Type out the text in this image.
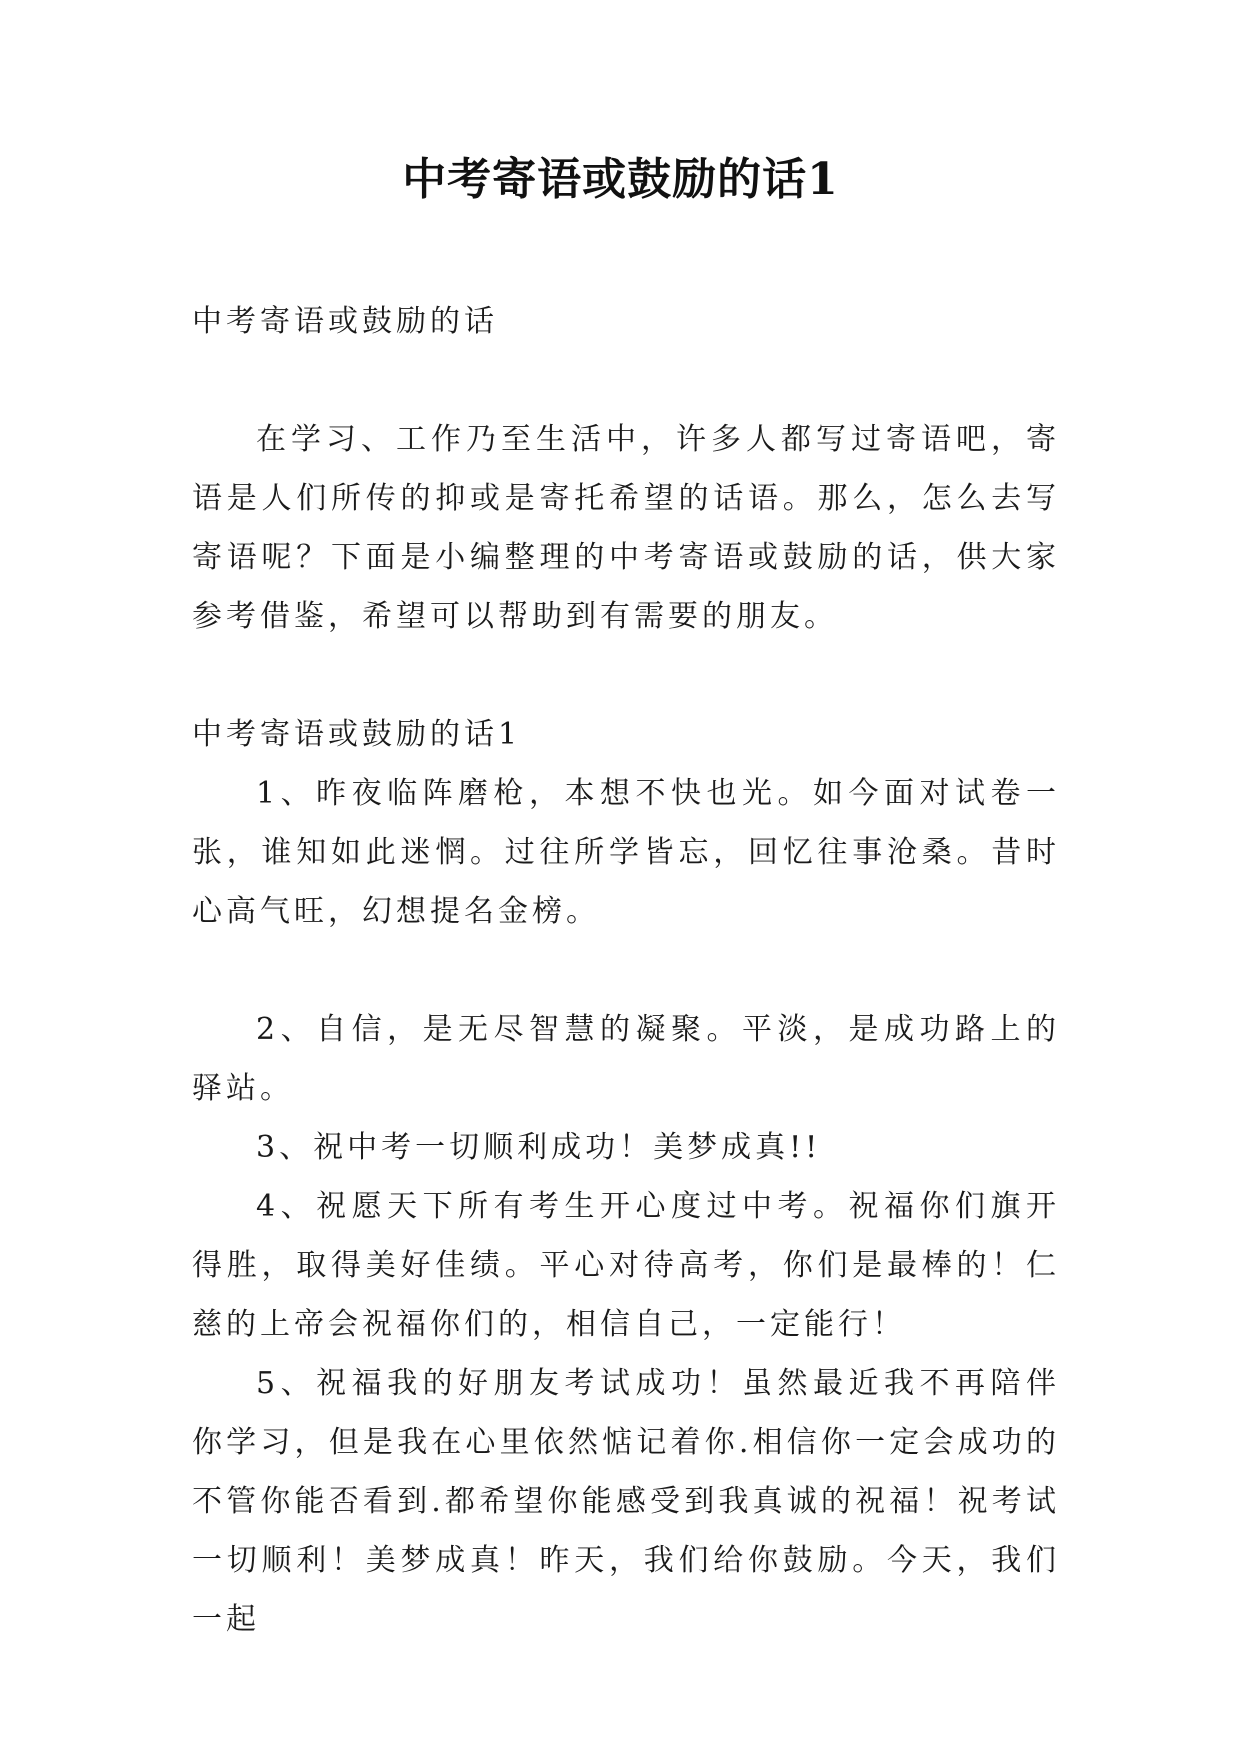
中考寄语或鼓励的话1

中考寄语或鼓励的话

在学习、工作乃至生活中，许多人都写过寄语吧，寄语是人们所传的抑或是寄托希望的话语。那么，怎么去写寄语呢？下面是小编整理的中考寄语或鼓励的话，供大家参考借鉴，希望可以帮助到有需要的朋友。

中考寄语或鼓励的话1

1、昨夜临阵磨枪，本想不快也光。如今面对试卷一张，谁知如此迷惘。过往所学皆忘，回忆往事沧桑。昔时心高气旺，幻想提名金榜。

2、自信，是无尽智慧的凝聚。平淡，是成功路上的驿站。

3、祝中考一切顺利成功！美梦成真!!

4、祝愿天下所有考生开心度过中考。祝福你们旗开得胜，取得美好佳绩。平心对待高考，你们是最棒的！仁慈的上帝会祝福你们的，相信自己，一定能行！

5、祝福我的好朋友考试成功！虽然最近我不再陪伴你学习，但是我在心里依然惦记着你.相信你一定会成功的不管你能否看到.都希望你能感受到我真诚的祝福！祝考试一切顺利！美梦成真！昨天，我们给你鼓励。今天，我们一起
